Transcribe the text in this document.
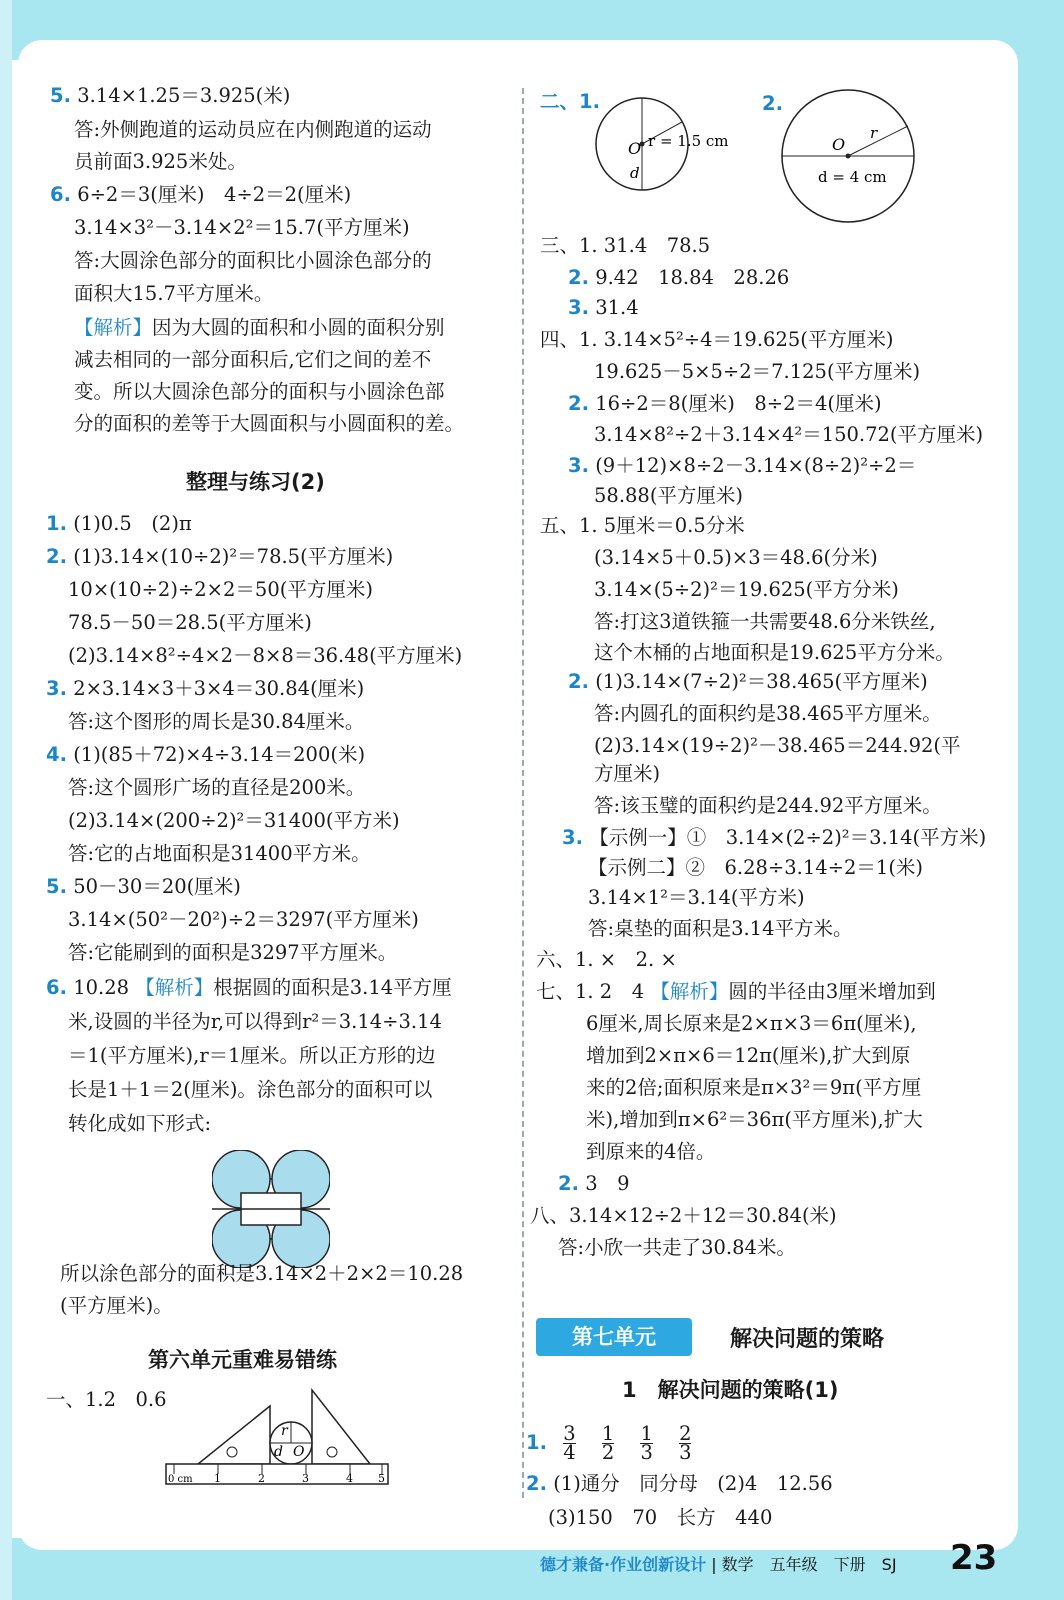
5. 3.14×1.25＝3.925(米)
答:外侧跑道的运动员应在内侧跑道的运动
员前面3.925米处。
6. 6÷2＝3(厘米)　4÷2＝2(厘米)
3.14×3²－3.14×2²＝15.7(平方厘米)
答:大圆涂色部分的面积比小圆涂色部分的
面积大15.7平方厘米。
【解析】因为大圆的面积和小圆的面积分别
减去相同的一部分面积后,它们之间的差不
变。所以大圆涂色部分的面积与小圆涂色部
分的面积的差等于大圆面积与小圆面积的差。
整理与练习(2)
1. (1)0.5　(2)π
2. (1)3.14×(10÷2)²＝78.5(平方厘米)
10×(10÷2)÷2×2＝50(平方厘米)
78.5－50＝28.5(平方厘米)
(2)3.14×8²÷4×2－8×8＝36.48(平方厘米)
3. 2×3.14×3＋3×4＝30.84(厘米)
答:这个图形的周长是30.84厘米。
4. (1)(85＋72)×4÷3.14＝200(米)
答:这个圆形广场的直径是200米。
(2)3.14×(200÷2)²＝31400(平方米)
答:它的占地面积是31400平方米。
5. 50－30＝20(厘米)
3.14×(50²－20²)÷2＝3297(平方厘米)
答:它能刷到的面积是3297平方厘米。
6. 10.28 【解析】根据圆的面积是3.14平方厘
米,设圆的半径为r,可以得到r²＝3.14÷3.14
＝1(平方厘米),r＝1厘米。所以正方形的边
长是1＋1＝2(厘米)。涂色部分的面积可以
转化成如下形式:
所以涂色部分的面积是3.14×2＋2×2＝10.28
(平方厘米)。
第六单元重难易错练
一、1.2　0.6
r
d O
0 cm 1	2	3	4 5
二、1.
O r = 1.5 cm
d
2.
O
r
d = 4 cm
三、1. 31.4　78.5
2. 9.42　18.84　28.26
3. 31.4
四、1. 3.14×5²÷4＝19.625(平方厘米)
19.625－5×5÷2＝7.125(平方厘米)
2. 16÷2＝8(厘米)　8÷2＝4(厘米)
3.14×8²÷2＋3.14×4²＝150.72(平方厘米)
3. (9＋12)×8÷2－3.14×(8÷2)²÷2＝
58.88(平方厘米)
五、1. 5厘米＝0.5分米
(3.14×5＋0.5)×3＝48.6(分米)
3.14×(5÷2)²＝19.625(平方分米)
答:打这3道铁箍一共需要48.6分米铁丝,
这个木桶的占地面积是19.625平方分米。
2. (1)3.14×(7÷2)²＝38.465(平方厘米)
答:内圆孔的面积约是38.465平方厘米。
(2)3.14×(19÷2)²－38.465＝244.92(平
方厘米)
答:该玉璧的面积约是244.92平方厘米。
3. 【示例一】①　3.14×(2÷2)²＝3.14(平方米)
【示例二】②　6.28÷3.14÷2＝1(米)
3.14×1²＝3.14(平方米)
答:桌垫的面积是3.14平方米。
六、1. ×　2. ×
七、1. 2　4 【解析】圆的半径由3厘米增加到
6厘米,周长原来是2×π×3＝6π(厘米),
增加到2×π×6＝12π(厘米),扩大到原
来的2倍;面积原来是π×3²＝9π(平方厘
米),增加到π×6²＝36π(平方厘米),扩大
到原来的4倍。
2. 3　9
八、3.14×12÷2＋12＝30.84(米)
答:小欣一共走了30.84米。
第七单元	解决问题的策略
1　解决问题的策略(1)
1. $\frac{3}{4}$
$\frac{1}{2}$
$\frac{1}{3}$
$\frac{2}{3}$
2. (1)通分　同分母　(2)4　12.56
(3)150　70　长方　440
德才兼备·作业创新设计 | 数学　五年级　下册　SJ 23
